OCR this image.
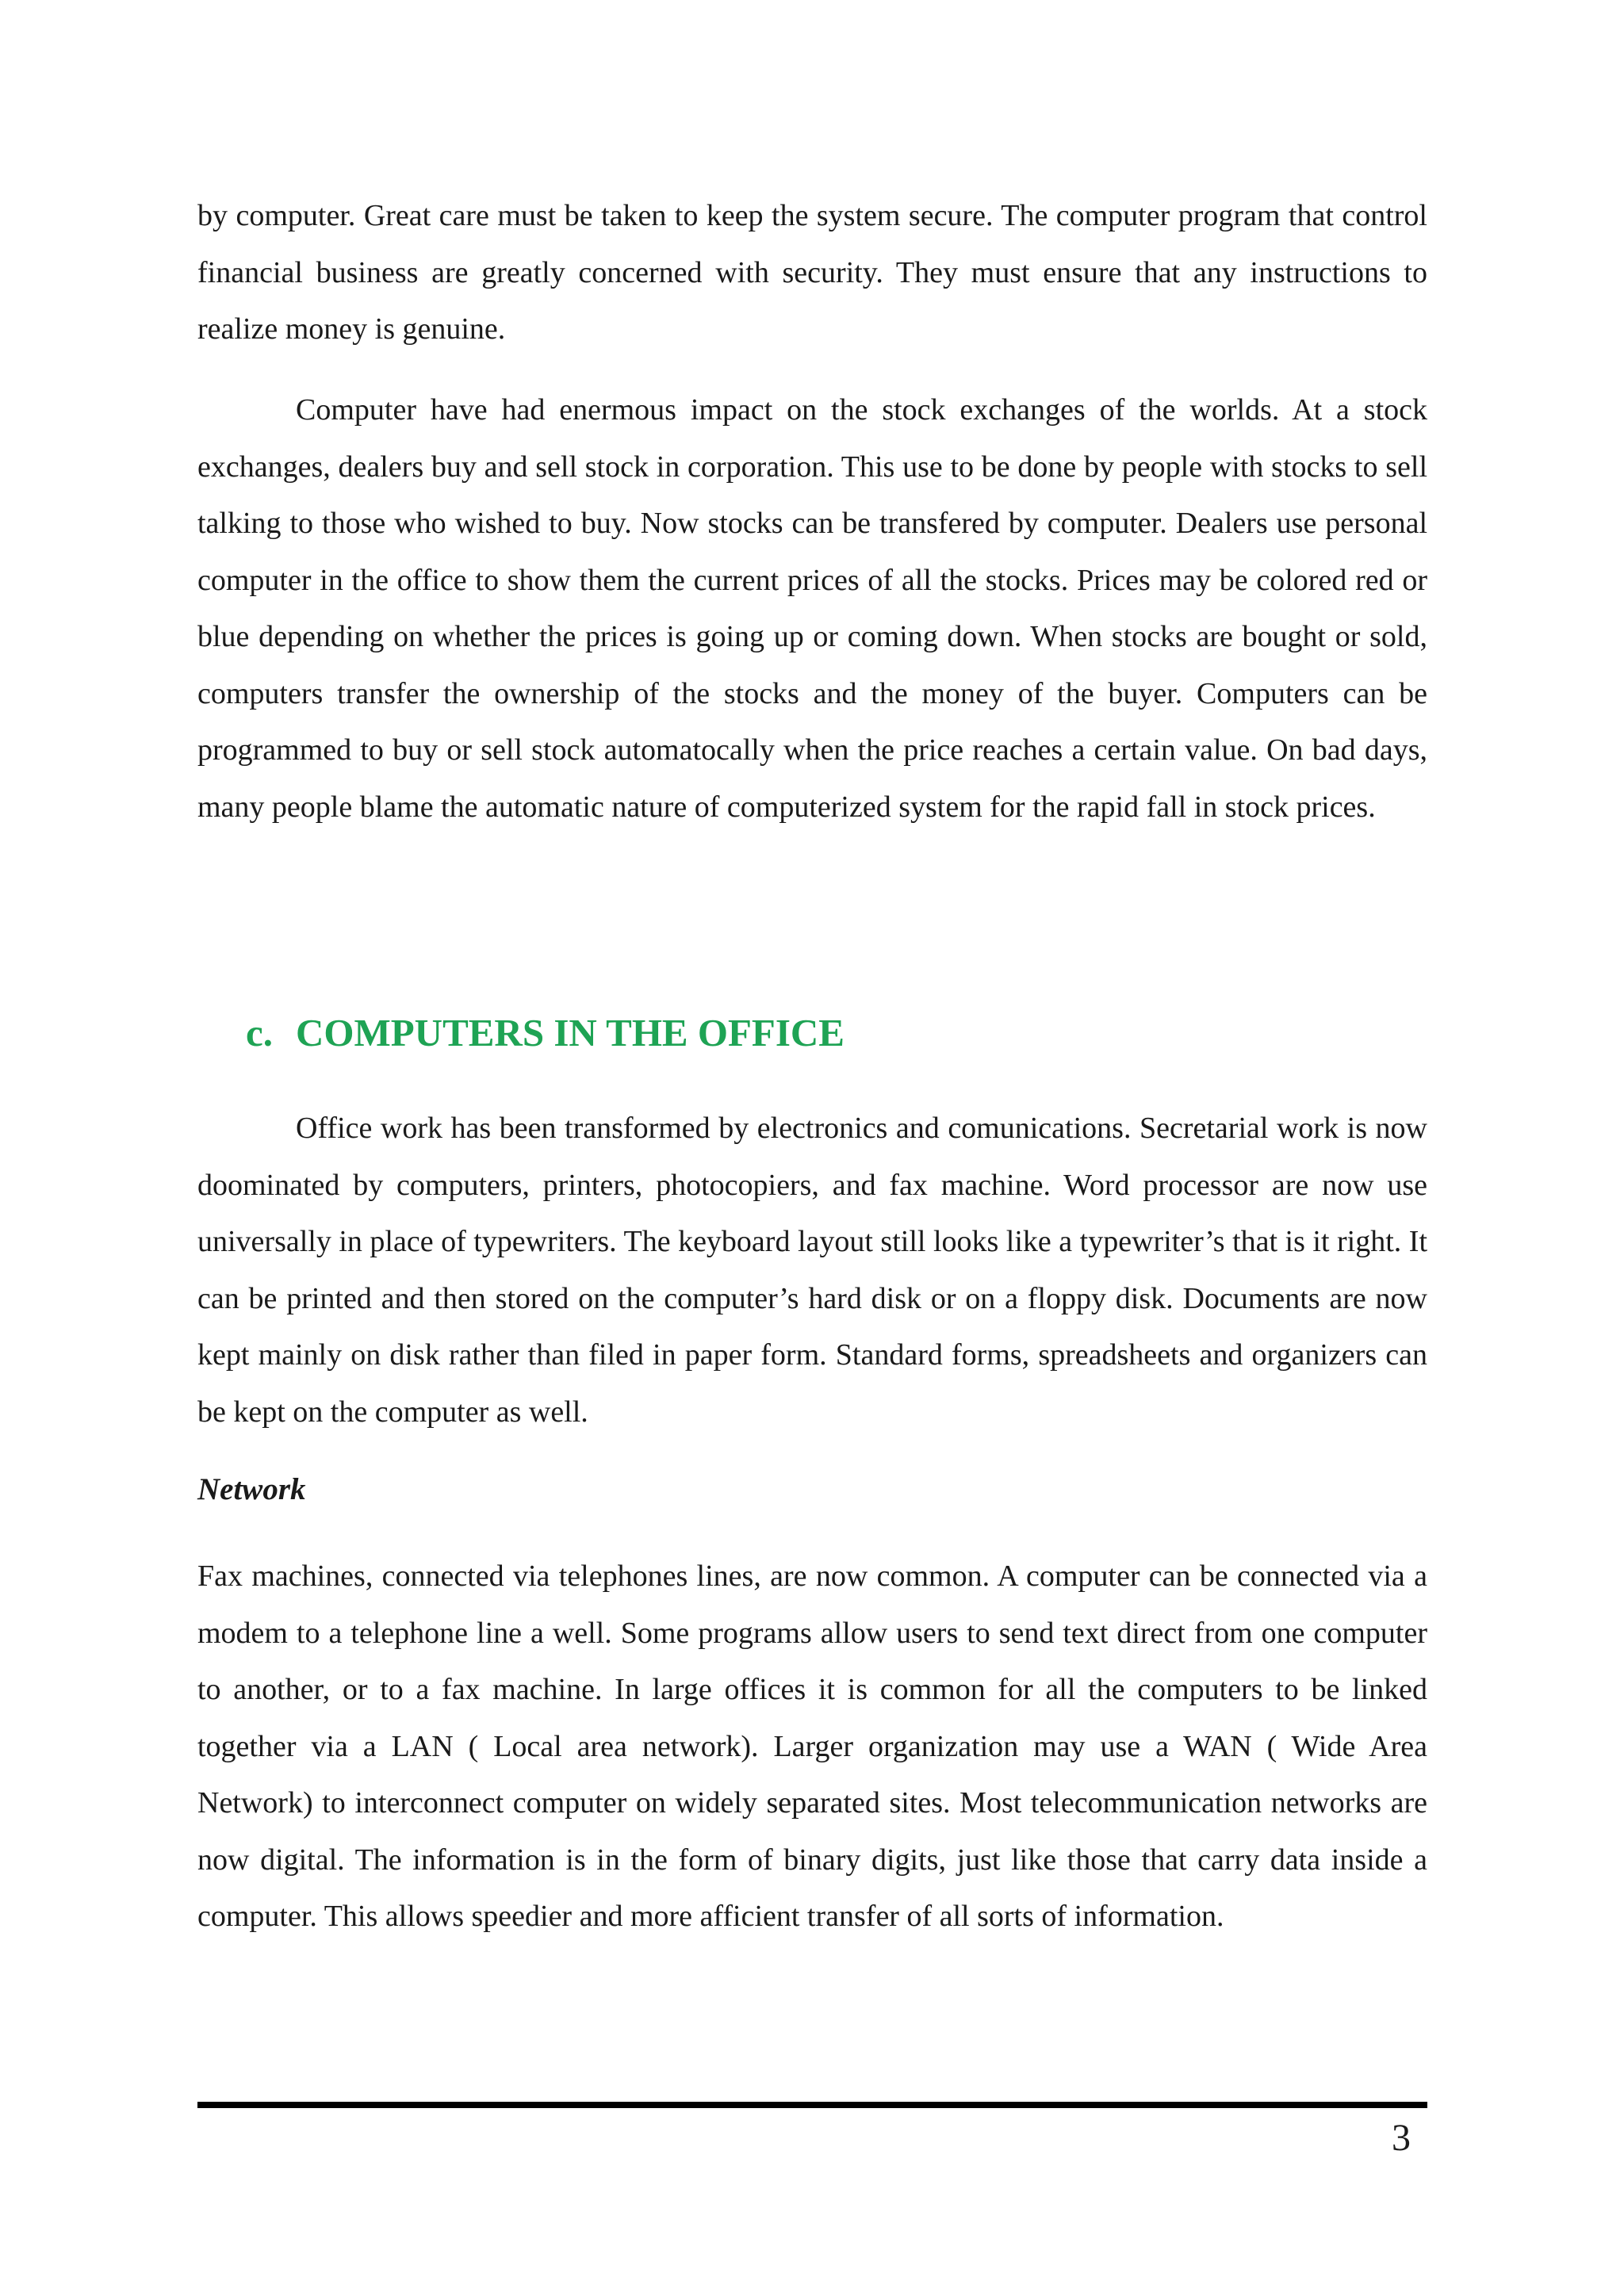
by computer. Great care must be taken to keep the system secure. The computer program that control financial business are greatly concerned with security. They must ensure that any instructions to realize money is genuine.

Computer have had enermous impact on the stock exchanges of the worlds. At a stock exchanges, dealers buy and sell stock in corporation. This use to be done by people with stocks to sell talking to those who wished to buy. Now stocks can be transfered by computer. Dealers use personal computer in the office to show them the current prices of all the stocks. Prices may be colored red or blue depending on whether the prices is going up or coming down. When stocks are bought or sold, computers transfer the ownership of the stocks and the money of the buyer. Computers can be programmed to buy or sell stock automatocally when the price reaches a certain value. On bad days, many people blame the automatic nature of computerized system for the rapid fall in stock prices.

c. COMPUTERS IN THE OFFICE

Office work has been transformed by electronics and comunications. Secretarial work is now doominated by computers, printers, photocopiers, and fax machine. Word processor are now use universally in place of typewriters. The keyboard layout still looks like a typewriter’s that is it right. It can be printed and then stored on the computer’s hard disk or on a floppy disk. Documents are now kept mainly on disk rather than filed in paper form. Standard forms, spreadsheets and organizers can be kept on the computer as well.

Network

Fax machines, connected via telephones lines, are now common. A computer can be connected via a modem to a telephone line a well. Some programs allow users to send text direct from one computer to another, or to a fax machine. In large offices it is common for all the computers to be linked together via a LAN ( Local area network). Larger organization may use a WAN ( Wide Area Network) to interconnect computer on widely separated sites. Most telecommunication networks are now digital. The information is in the form of binary digits, just like those that carry data inside a computer. This allows speedier and more afficient transfer of all sorts of information.

3
